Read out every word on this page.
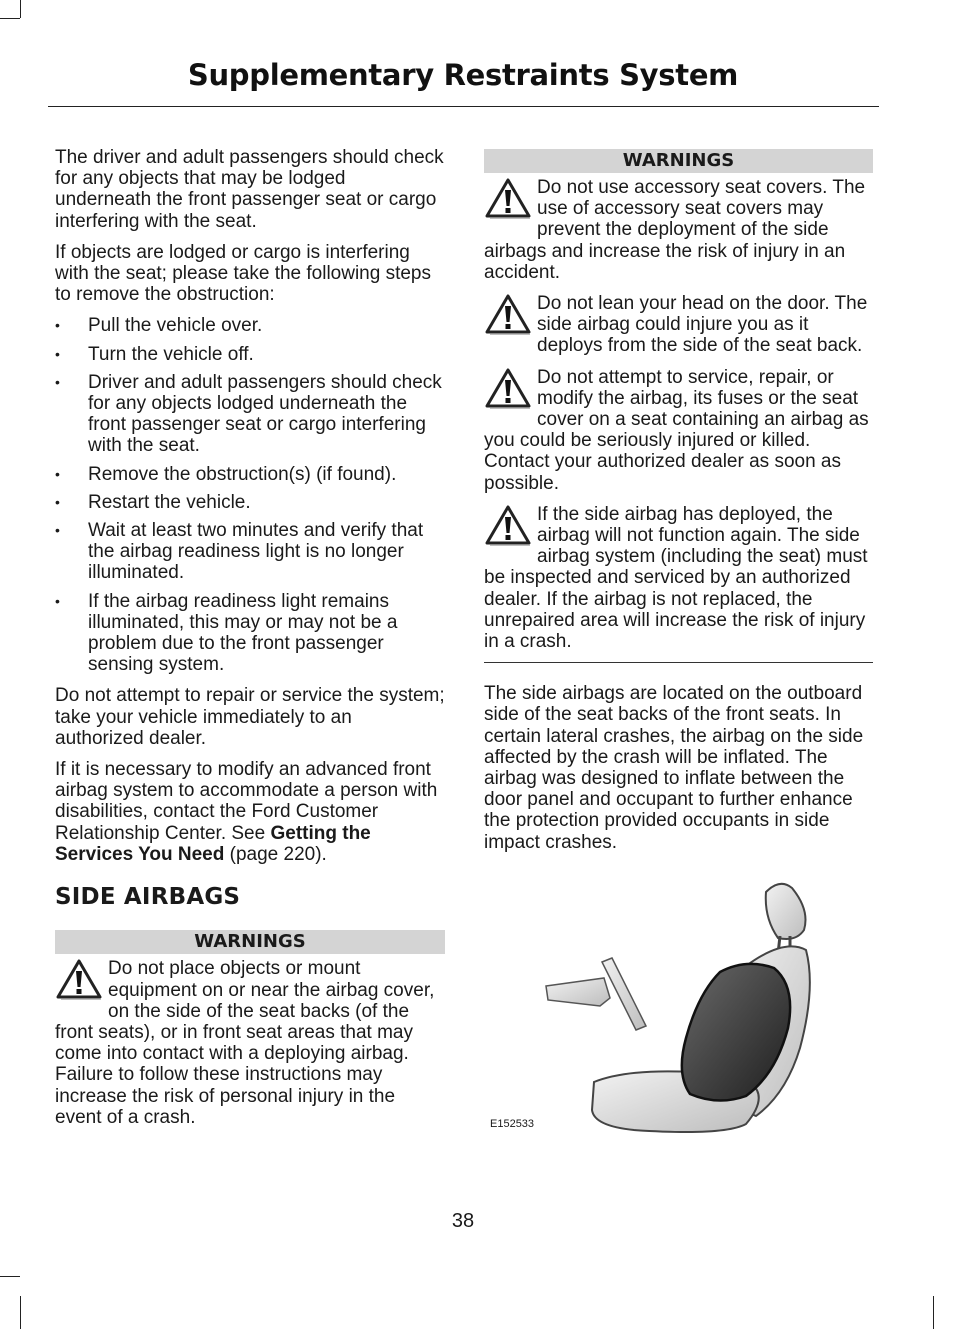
Supplementary Restraints System

The driver and adult passengers should check for any objects that may be lodged underneath the front passenger seat or cargo interfering with the seat.

If objects are lodged or cargo is interfering with the seat; please take the following steps to remove the obstruction:

• Pull the vehicle over.
• Turn the vehicle off.
• Driver and adult passengers should check for any objects lodged underneath the front passenger seat or cargo interfering with the seat.
• Remove the obstruction(s) (if found).
• Restart the vehicle.
• Wait at least two minutes and verify that the airbag readiness light is no longer illuminated.
• If the airbag readiness light remains illuminated, this may or may not be a problem due to the front passenger sensing system.

Do not attempt to repair or service the system; take your vehicle immediately to an authorized dealer.

If it is necessary to modify an advanced front airbag system to accommodate a person with disabilities, contact the Ford Customer Relationship Center. See Getting the Services You Need (page 220).

SIDE AIRBAGS
WARNINGS
Do not place objects or mount equipment on or near the airbag cover, on the side of the seat backs (of the front seats), or in front seat areas that may come into contact with a deploying airbag. Failure to follow these instructions may increase the risk of personal injury in the event of a crash.
WARNINGS
Do not use accessory seat covers. The use of accessory seat covers may prevent the deployment of the side airbags and increase the risk of injury in an accident.
Do not lean your head on the door. The side airbag could injure you as it deploys from the side of the seat back.
Do not attempt to service, repair, or modify the airbag, its fuses or the seat cover on a seat containing an airbag as you could be seriously injured or killed. Contact your authorized dealer as soon as possible.
If the side airbag has deployed, the airbag will not function again. The side airbag system (including the seat) must be inspected and serviced by an authorized dealer. If the airbag is not replaced, the unrepaired area will increase the risk of injury in a crash.

The side airbags are located on the outboard side of the seat backs of the front seats. In certain lateral crashes, the airbag on the side affected by the crash will be inflated. The airbag was designed to inflate between the door panel and occupant to further enhance the protection provided occupants in side impact crashes.

E152533
38
